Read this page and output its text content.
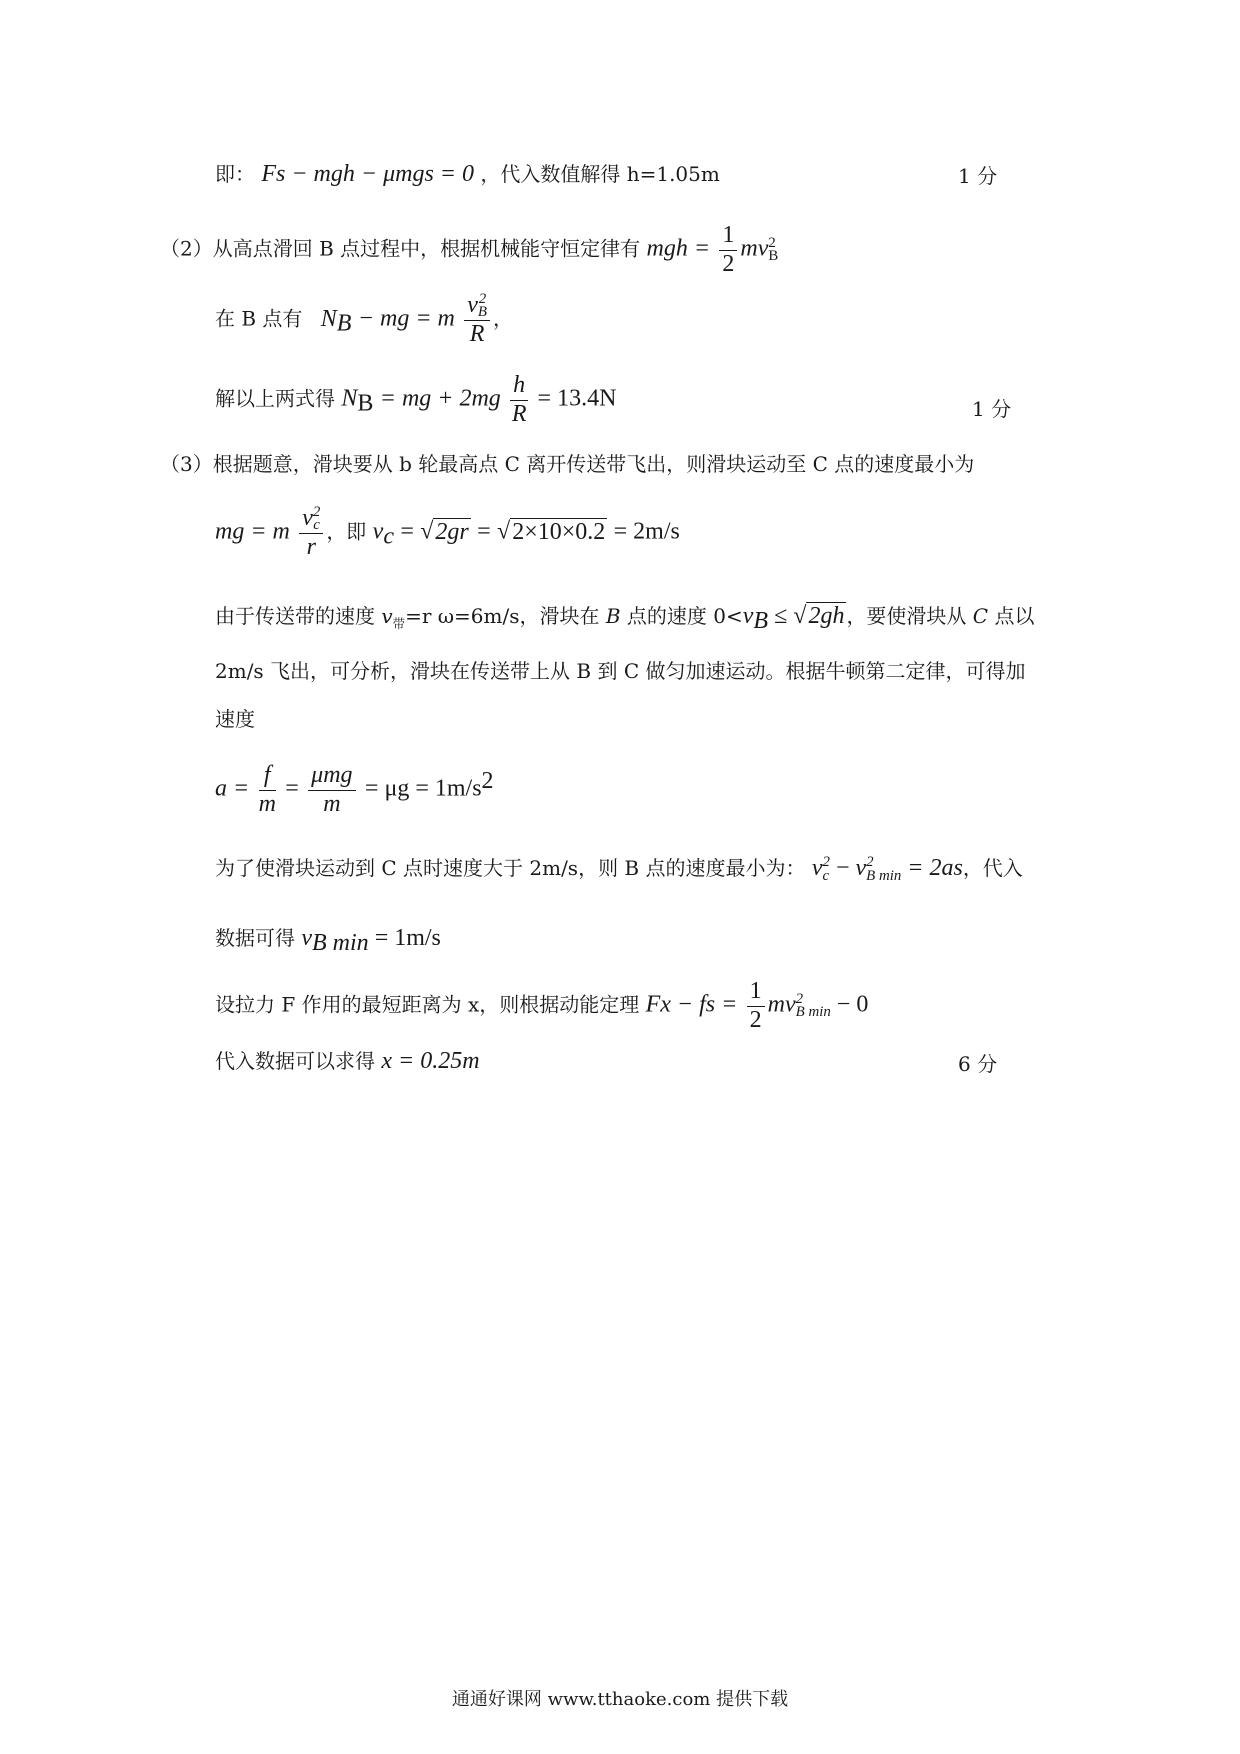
即： Fs − mgh − μmgs = 0 ，代入数值解得 h=1.05m	1 分
（2）从高点滑回 B 点过程中，根据机械能守恒定律有 mgh = $\frac{1}{2}$ mv 2
B
在 B 点有 $N_B$ − mg = m v 2
B
R ，
解以上两式得 $N_B$ = mg + $2mg \frac{h}{R} = 13.4N$	1 分
（3）根据题意，滑块要从 b 轮最高点 C 离开传送带飞出，则滑块运动至 C 点的速度最小为
mg = m v 2
c
r ，即 $v_c = √2gr = √2\times 10\times 0.2 = 2m/s$
由于传送带的速度 $v_带=r$ ω=6m/s，滑块在 B 点的速度 $0<v_B \le √2gh$ ，要使滑块从 C 点以
2m/s 飞出，可分析，滑块在传送带上从 B 到 C 做匀加速运动。根据牛顿第二定律，可得加
速度
$a = \frac{f}{m} = \frac{\text{μmg}}{m} = \mu g = 1m/s^2$
为了使滑块运动到 C 点时速度大于 2m/s，则 B 点的速度最小为： v 2
c − v 2
B min = 2as，代入
数据可得 $v_{B min} = 1m/s$
设拉力 F 作用的最短距离为 x，则根据动能定理 Fx − fs = $\frac{1}{2}$ mv 2
B min − 0
代入数据可以求得 x = 0.25m	6 分
通通好课网 www.tthaoke.com 提供下载
